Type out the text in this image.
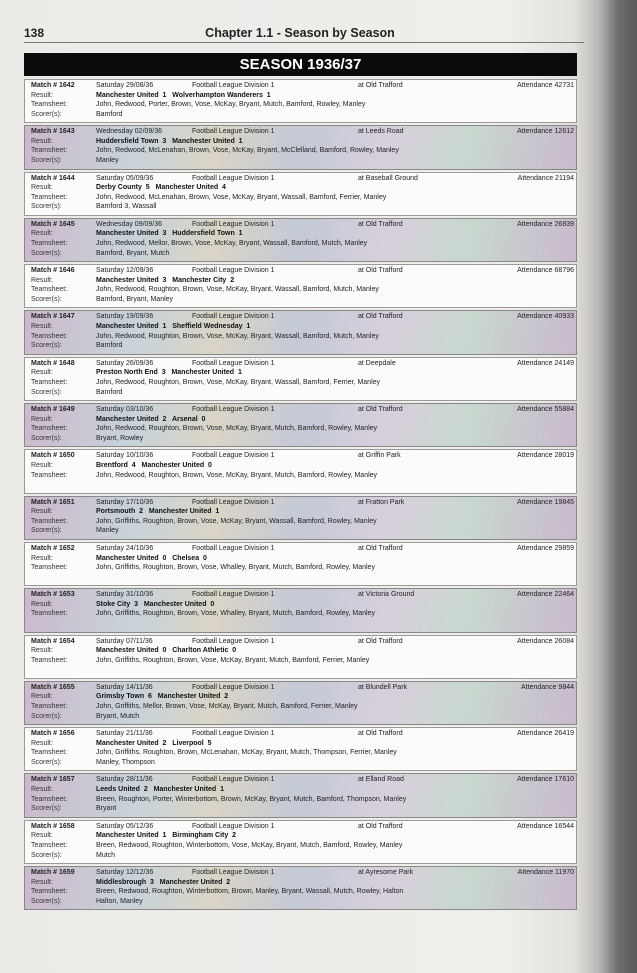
138	Chapter 1.1 - Season by Season
SEASON 1936/37
Match # 1642	Saturday 29/08/36	Football League Division 1	at Old Trafford	Attendance 42731
Result:	Manchester United  1   Wolverhampton Wanderers  1
Teamsheet:	John, Redwood, Porter, Brown, Vose, McKay, Bryant, Mutch, Bamford, Rowley, Manley
Scorer(s):	Bamford
Match # 1643	Wednesday 02/09/36	Football League Division 1	at Leeds Road	Attendance 12612
Result:	Huddersfield Town  3   Manchester United  1
Teamsheet:	John, Redwood, McLenahan, Brown, Vose, McKay, Bryant, McClelland, Bamford, Rowley, Manley
Scorer(s):	Manley
Match # 1644	Saturday 05/09/36	Football League Division 1	at Baseball Ground	Attendance 21194
Result:	Derby County  5   Manchester United  4
Teamsheet:	John, Redwood, McLenahan, Brown, Vose, McKay, Bryant, Wassall, Bamford, Ferrier, Manley
Scorer(s):	Bamford 3, Wassall
Match # 1645	Wednesday 09/09/36	Football League Division 1	at Old Trafford	Attendance 26839
Result:	Manchester United  3   Huddersfield Town  1
Teamsheet:	John, Redwood, Mellor, Brown, Vose, McKay, Bryant, Wassall, Bamford, Mutch, Manley
Scorer(s):	Bamford, Bryant, Mutch
Match # 1646	Saturday 12/09/36	Football League Division 1	at Old Trafford	Attendance 68796
Result:	Manchester United  3   Manchester City  2
Teamsheet:	John, Redwood, Roughton, Brown, Vose, McKay, Bryant, Wassall, Bamford, Mutch, Manley
Scorer(s):	Bamford, Bryant, Manley
Match # 1647	Saturday 19/09/36	Football League Division 1	at Old Trafford	Attendance 40933
Result:	Manchester United  1   Sheffield Wednesday  1
Teamsheet:	John, Redwood, Roughton, Brown, Vose, McKay, Bryant, Wassall, Bamford, Mutch, Manley
Scorer(s):	Bamford
Match # 1648	Saturday 26/09/36	Football League Division 1	at Deepdale	Attendance 24149
Result:	Preston North End  3   Manchester United  1
Teamsheet:	John, Redwood, Roughton, Brown, Vose, McKay, Bryant, Wassall, Bamford, Ferrier, Manley
Scorer(s):	Bamford
Match # 1649	Saturday 03/10/36	Football League Division 1	at Old Trafford	Attendance 55884
Result:	Manchester United  2   Arsenal  0
Teamsheet:	John, Redwood, Roughton, Brown, Vose, McKay, Bryant, Mutch, Bamford, Rowley, Manley
Scorer(s):	Bryant, Rowley
Match # 1650	Saturday 10/10/36	Football League Division 1	at Griffin Park	Attendance 28019
Result:	Brentford  4   Manchester United  0
Teamsheet:	John, Redwood, Roughton, Brown, Vose, McKay, Bryant, Mutch, Bamford, Rowley, Manley
Match # 1651	Saturday 17/10/36	Football League Division 1	at Fratton Park	Attendance 19845
Result:	Portsmouth  2   Manchester United  1
Teamsheet:	John, Griffiths, Roughton, Brown, Vose, McKay, Bryant, Wassall, Bamford, Rowley, Manley
Scorer(s):	Manley
Match # 1652	Saturday 24/10/36	Football League Division 1	at Old Trafford	Attendance 29859
Result:	Manchester United  0   Chelsea  0
Teamsheet:	John, Griffiths, Roughton, Brown, Vose, Whalley, Bryant, Mutch, Bamford, Rowley, Manley
Match # 1653	Saturday 31/10/36	Football League Division 1	at Victoria Ground	Attendance 22464
Result:	Stoke City  3   Manchester United  0
Teamsheet:	John, Griffiths, Roughton, Brown, Vose, Whalley, Bryant, Mutch, Bamford, Rowley, Manley
Match # 1654	Saturday 07/11/36	Football League Division 1	at Old Trafford	Attendance 26084
Result:	Manchester United  0   Charlton Athletic  0
Teamsheet:	John, Griffiths, Roughton, Brown, Vose, McKay, Bryant, Mutch, Bamford, Ferrier, Manley
Match # 1655	Saturday 14/11/36	Football League Division 1	at Blundell Park	Attendance 9844
Result:	Grimsby Town  6   Manchester United  2
Teamsheet:	John, Griffiths, Mellor, Brown, Vose, McKay, Bryant, Mutch, Bamford, Ferrier, Manley
Scorer(s):	Bryant, Mutch
Match # 1656	Saturday 21/11/36	Football League Division 1	at Old Trafford	Attendance 26419
Result:	Manchester United  2   Liverpool  5
Teamsheet:	John, Griffiths, Roughton, Brown, McLenahan, McKay, Bryant, Mutch, Thompson, Ferrier, Manley
Scorer(s):	Manley, Thompson
Match # 1657	Saturday 28/11/36	Football League Division 1	at Elland Road	Attendance 17610
Result:	Leeds United  2   Manchester United  1
Teamsheet:	Breen, Roughton, Porter, Winterbottom, Brown, McKay, Bryant, Mutch, Bamford, Thompson, Manley
Scorer(s):	Bryant
Match # 1658	Saturday 05/12/36	Football League Division 1	at Old Trafford	Attendance 16544
Result:	Manchester United  1   Birmingham City  2
Teamsheet:	Breen, Redwood, Roughton, Winterbottom, Vose, McKay, Bryant, Mutch, Bamford, Rowley, Manley
Scorer(s):	Mutch
Match # 1659	Saturday 12/12/36	Football League Division 1	at Ayresome Park	Attendance 11970
Result:	Middlesbrough  3   Manchester United  2
Teamsheet:	Breen, Redwood, Roughton, Winterbottom, Brown, Manley, Bryant, Wassall, Mutch, Rowley, Halton
Scorer(s):	Halton, Manley
